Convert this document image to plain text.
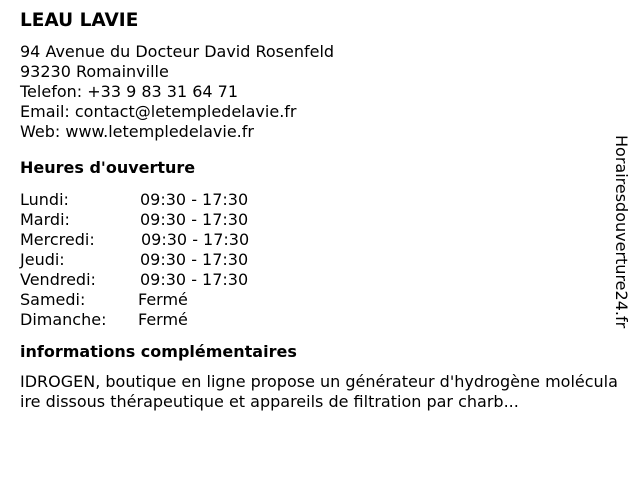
LEAU LAVIE
94 Avenue du Docteur David Rosenfeld
93230 Romainville
Telefon: +33 9 83 31 64 71
Email: contact@letempledelavie.fr
Web: www.letempledelavie.fr
Heures d'ouverture
Lundi:	09:30 - 17:30
Mardi:	09:30 - 17:30
Mercredi:	09:30 - 17:30
Jeudi:	09:30 - 17:30
Vendredi:	09:30 - 17:30
Samedi:	Fermé
Dimanche:	Fermé
informations complémentaires
IDROGEN, boutique en ligne propose un générateur d'hydrogène moléculaire dissous thérapeutique et appareils de filtration par charb...
Horairesdouverture24.fr
